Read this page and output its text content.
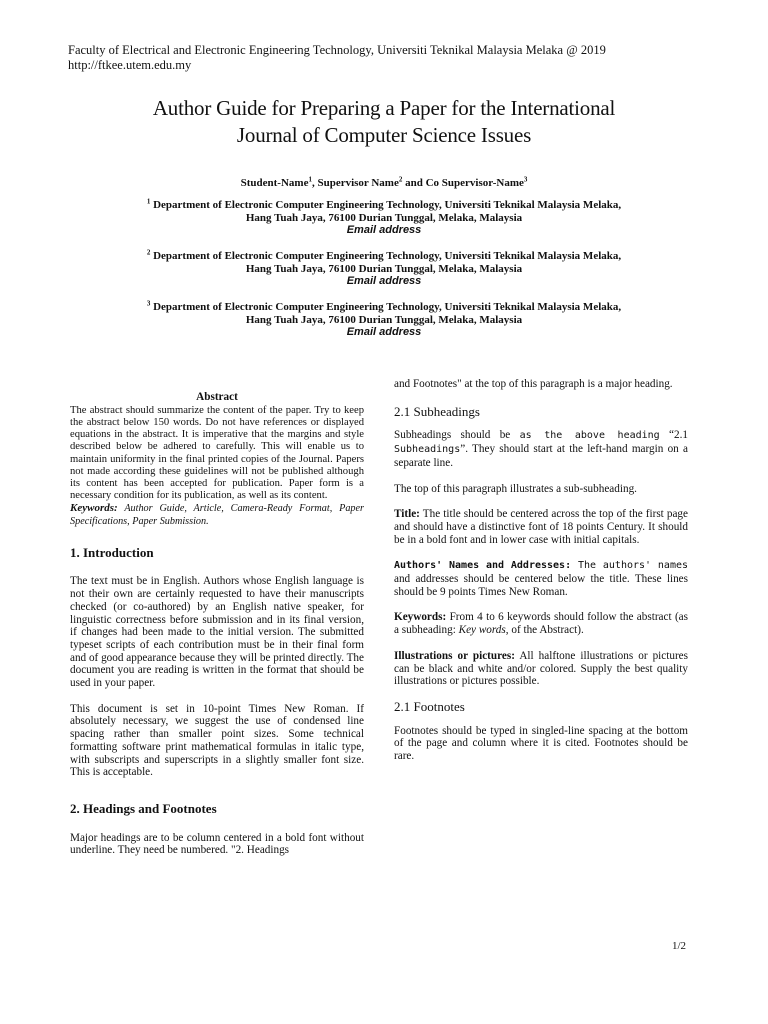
Faculty of Electrical and Electronic Engineering Technology, Universiti Teknikal Malaysia Melaka @ 2019
http://ftkee.utem.edu.my
Author Guide for Preparing a Paper for the International
Journal of Computer Science Issues
Student-Name$^1$, Supervisor Name$^2$ and Co Supervisor-Name$^3$
$^1$ Department of Electronic Computer Engineering Technology, Universiti Teknikal Malaysia Melaka,
Hang Tuah Jaya, 76100 Durian Tunggal, Melaka, Malaysia
Email address
$^2$ Department of Electronic Computer Engineering Technology, Universiti Teknikal Malaysia Melaka,
Hang Tuah Jaya, 76100 Durian Tunggal, Melaka, Malaysia
Email address
$^3$ Department of Electronic Computer Engineering Technology, Universiti Teknikal Malaysia Melaka,
Hang Tuah Jaya, 76100 Durian Tunggal, Melaka, Malaysia
Email address

Abstract

The abstract should summarize the content of the paper. Try to keep the abstract below 150 words. Do not have references or displayed equations in the abstract. It is imperative that the margins and style described below be adhered to carefully. This will enable us to maintain uniformity in the final printed copies of the Journal. Papers not made according these guidelines will not be published although its content has been accepted for publication. Paper form is a necessary condition for its publication, as well as its content.

Keywords: Author Guide, Article, Camera-Ready Format, Paper Specifications, Paper Submission.

1. Introduction

The text must be in English. Authors whose English language is not their own are certainly requested to have their manuscripts checked (or co-authored) by an English native speaker, for linguistic correctness before submission and in its final version, if changes had been made to the initial version. The submitted typeset scripts of each contribution must be in their final form and of good appearance because they will be printed directly. The document you are reading is written in the format that should be used in your paper.

This document is set in 10-point Times New Roman. If absolutely necessary, we suggest the use of condensed line spacing rather than smaller point sizes. Some technical formatting software print mathematical formulas in italic type, with subscripts and superscripts in a slightly smaller font size. This is acceptable.

2. Headings and Footnotes

Major headings are to be column centered in a bold font without underline. They need be numbered. "2. Headings

and Footnotes" at the top of this paragraph is a major heading.

2.1 Subheadings

Subheadings should be as the above heading “2.1 Subheadings”. They should start at the left-hand margin on a separate line.

The top of this paragraph illustrates a sub-subheading.

Title: The title should be centered across the top of the first page and should have a distinctive font of 18 points Century. It should be in a bold font and in lower case with initial capitals.

Authors' Names and Addresses: The authors' names and addresses should be centered below the title. These lines should be 9 points Times New Roman.

Keywords: From 4 to 6 keywords should follow the abstract (as a subheading: Key words, of the Abstract).

Illustrations or pictures: All halftone illustrations or pictures can be black and white and/or colored. Supply the best quality illustrations or pictures possible.

2.1 Footnotes

Footnotes should be typed in singled-line spacing at the bottom of the page and column where it is cited. Footnotes should be rare.

1/2
